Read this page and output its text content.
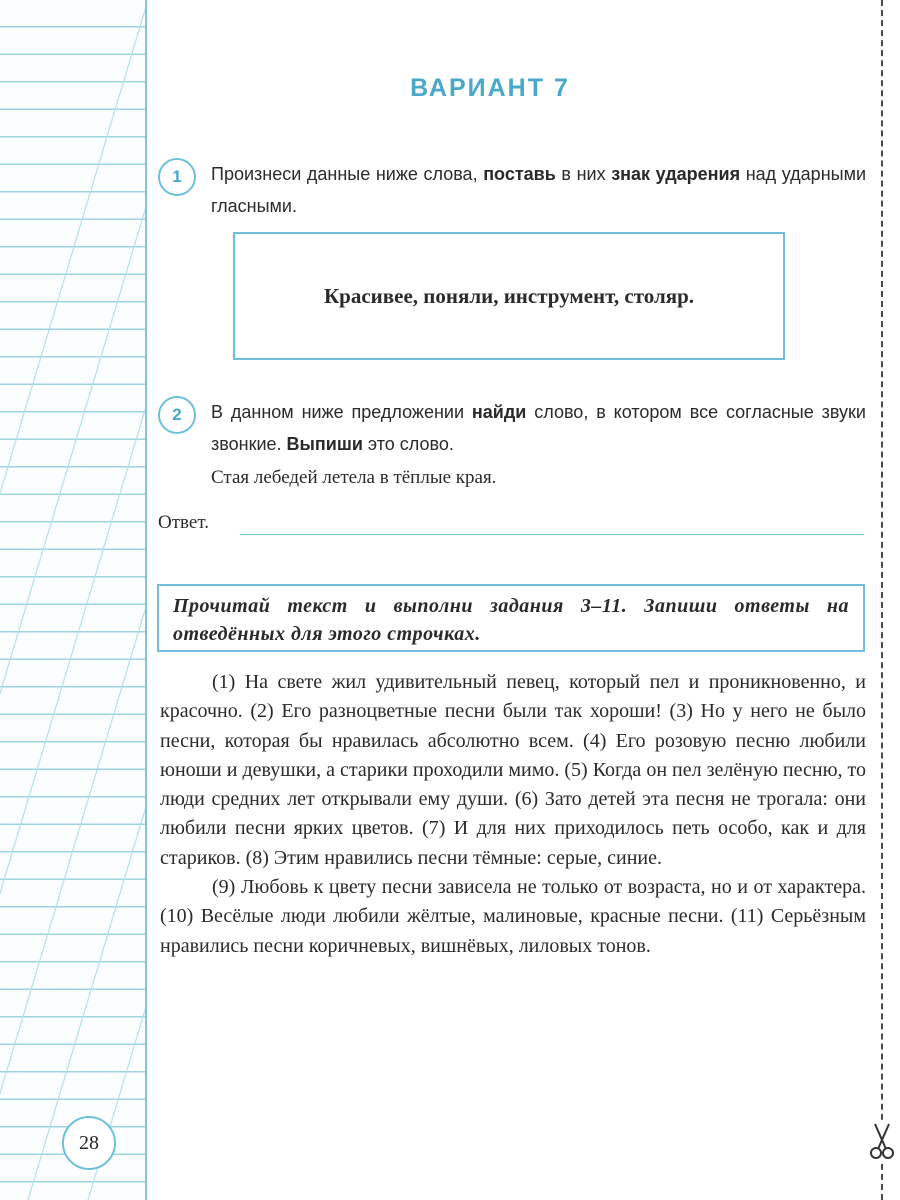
ВАРИАНТ 7
1	Произнеси данные ниже слова, поставь в них знак ударения над ударными гласными.
Красивее, поняли, инструмент, столяр.
2	В данном ниже предложении найди слово, в котором все согласные звуки звонкие. Выпиши это слово.
Стая лебедей летела в тёплые края.
Ответ.
Прочитай текст и выполни задания 3–11. Запиши ответы на отведённых для этого строчках.

(1) На свете жил удивительный певец, который пел и проникновенно, и красочно. (2) Его разноцветные песни были так хороши! (3) Но у него не было песни, которая бы нравилась абсолютно всем. (4) Его розовую песню любили юноши и девушки, а старики проходили мимо. (5) Когда он пел зелёную песню, то люди средних лет открывали ему души. (6) Зато детей эта песня не трогала: они любили песни ярких цветов. (7) И для них приходилось петь особо, как и для стариков. (8) Этим нравились песни тёмные: серые, синие.

(9) Любовь к цвету песни зависела не только от возраста, но и от характера. (10) Весёлые люди любили жёлтые, малиновые, красные песни. (11) Серьёзным нравились песни коричневых, вишнёвых, лиловых тонов.

28
